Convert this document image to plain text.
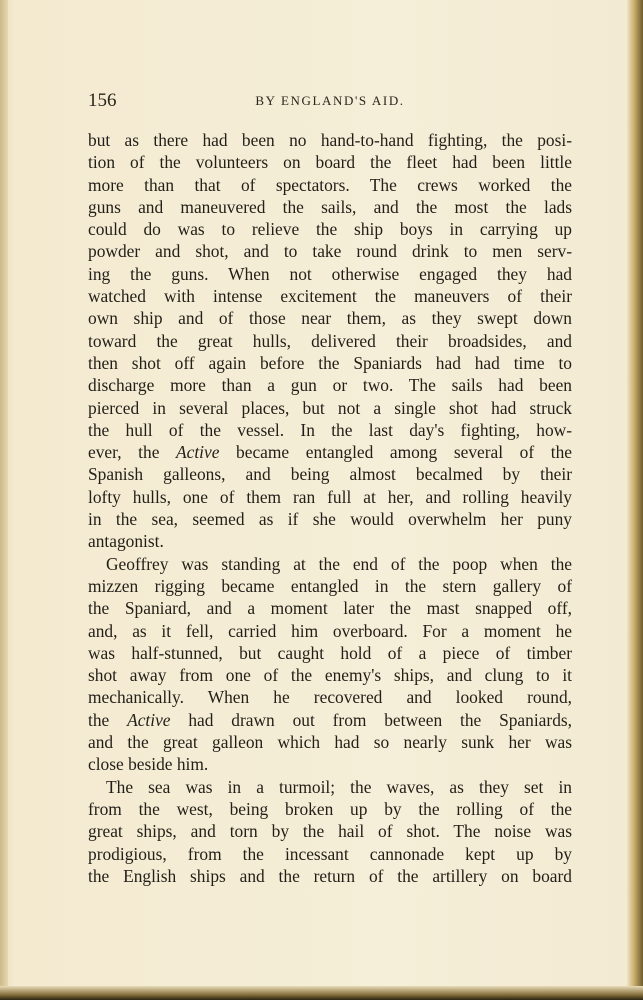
156	BY ENGLAND'S AID.
but as there had been no hand-to-hand fighting, the posi-
tion of the volunteers on board the fleet had been little
more than that of spectators. The crews worked the
guns and maneuvered the sails, and the most the lads
could do was to relieve the ship boys in carrying up
powder and shot, and to take round drink to men serv-
ing the guns. When not otherwise engaged they had
watched with intense excitement the maneuvers of their
own ship and of those near them, as they swept down
toward the great hulls, delivered their broadsides, and
then shot off again before the Spaniards had had time to
discharge more than a gun or two. The sails had been
pierced in several places, but not a single shot had struck
the hull of the vessel. In the last day's fighting, how-
ever, the Active became entangled among several of the
Spanish galleons, and being almost becalmed by their
lofty hulls, one of them ran full at her, and rolling heavily
in the sea, seemed as if she would overwhelm her puny
antagonist.
Geoffrey was standing at the end of the poop when the
mizzen rigging became entangled in the stern gallery of
the Spaniard, and a moment later the mast snapped off,
and, as it fell, carried him overboard. For a moment he
was half-stunned, but caught hold of a piece of timber
shot away from one of the enemy's ships, and clung to it
mechanically. When he recovered and looked round,
the Active had drawn out from between the Spaniards,
and the great galleon which had so nearly sunk her was
close beside him.
The sea was in a turmoil; the waves, as they set in
from the west, being broken up by the rolling of the
great ships, and torn by the hail of shot. The noise was
prodigious, from the incessant cannonade kept up by
the English ships and the return of the artillery on board
